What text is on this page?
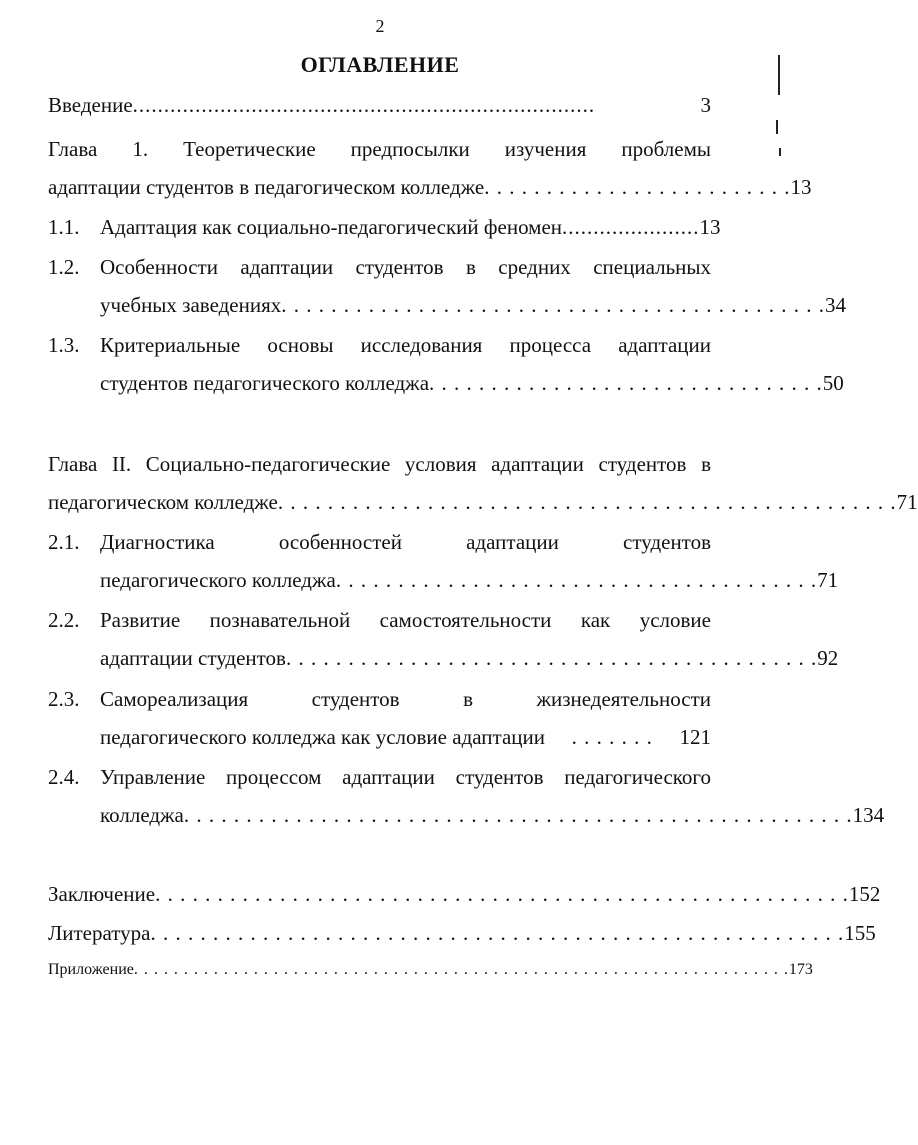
2
ОГЛАВЛЕНИЕ
Введение ..........................................................................	3
Глава 1. Теоретические предпосылки изучения проблемы
адаптации студентов в педагогическом колледже . . . . . . . . . . . . . . . . . . . . . . . . . 13
1.1. Адаптация как социально-педагогический феномен ...................... 13
1.2. Особенности адаптации студентов в средних специальных
учебных заведениях . . . . . . . . . . . . . . . . . . . . . . . . . . . . . . . . . . . . . . . . . . . . 34
1.3. Критериальные основы исследования процесса адаптации
студентов педагогического колледжа . . . . . . . . . . . . . . . . . . . . . . . . . . . . . . . . 50
Глава II. Социально-педагогические условия адаптации студентов в
педагогическом колледже . . . . . . . . . . . . . . . . . . . . . . . . . . . . . . . . . . . . . . . . . . . . . . . . . . 71
2.1. Диагностика особенностей адаптации студентов
педагогического колледжа . . . . . . . . . . . . . . . . . . . . . . . . . . . . . . . . . . . . . . . 71
2.2. Развитие познавательной самостоятельности как условие
адаптации студентов . . . . . . . . . . . . . . . . . . . . . . . . . . . . . . . . . . . . . . . . . . . 92
2.3. Самореализация студентов в жизнедеятельности
педагогического колледжа как условие адаптации	. . . . . . .	121
2.4. Управление процессом адаптации студентов педагогического
колледжа . . . . . . . . . . . . . . . . . . . . . . . . . . . . . . . . . . . . . . . . . . . . . . . . . . . . . . 134
Заключение . . . . . . . . . . . . . . . . . . . . . . . . . . . . . . . . . . . . . . . . . . . . . . . . . . . . . . . . 152
Литература . . . . . . . . . . . . . . . . . . . . . . . . . . . . . . . . . . . . . . . . . . . . . . . . . . . . . . . . 155
Приложение . . . . . . . . . . . . . . . . . . . . . . . . . . . . . . . . . . . . . . . . . . . . . . . . . . . . . . . . . . . . . . . . . . 173
